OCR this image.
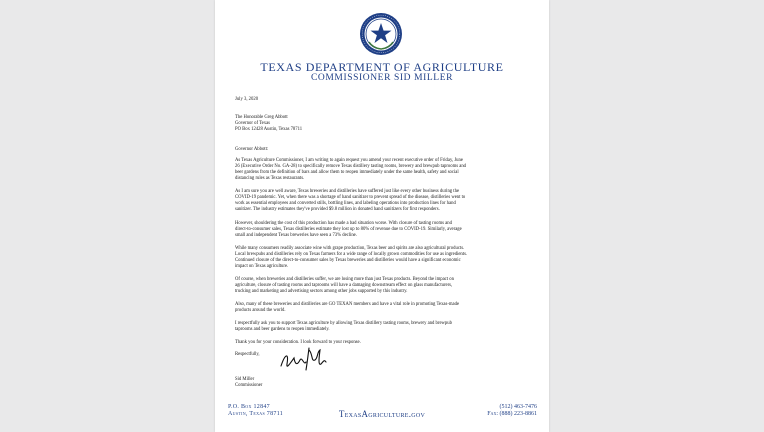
TEXAS DEPARTMENT OF AGRICULTURE
COMMISSIONER SID MILLER
July 3, 2020
The Honorable Greg Abbott
Governor of Texas
PO Box 12428 Austin, Texas 78711
Governor Abbott:
As Texas Agriculture Commissioner, I am writing to again request you amend your recent executive order of Friday, June
26 (Executive Order No. GA-28) to specifically remove Texas distillery tasting rooms, brewery and brewpub taprooms and
beer gardens from the definition of bars and allow them to reopen immediately under the same health, safety and social
distancing rules as Texas restaurants.
As I am sure you are well aware, Texas breweries and distilleries have suffered just like every other business during the
COVID-19 pandemic. Yet, when there was a shortage of hand sanitizer to prevent spread of the disease, distilleries went to
work as essential employees and converted stills, bottling lines, and labeling operations into production lines for hand
sanitizer. The industry estimates they've provided $9.8 million in donated hand sanitizers for first responders.
However, shouldering the cost of this production has made a bad situation worse. With closure of tasting rooms and
direct-to-consumer sales, Texas distilleries estimate they lost up to 80% of revenue due to COVID-19. Similarly, average
small and independent Texas breweries have seen a 73% decline.
While many consumers readily associate wine with grape production, Texas beer and spirits are also agricultural products.
Local brewpubs and distilleries rely on Texas farmers for a wide range of locally grown commodities for use as ingredients.
Continued closure of the direct-to-consumer sales by Texas breweries and distilleries would have a significant economic
impact on Texas agriculture.
Of course, when breweries and distilleries suffer, we are losing more than just Texas products. Beyond the impact on
agriculture, closure of tasting rooms and taprooms will have a damaging downstream effect on glass manufacturers,
trucking and marketing and advertising sectors among other jobs supported by this industry.
Also, many of these breweries and distilleries are GO TEXAN members and have a vital role in promoting Texas-made
products around the world.
I respectfully ask you to support Texas agriculture by allowing Texas distillery tasting rooms, brewery and brewpub
taprooms and beer gardens to reopen immediately.
Thank you for your consideration. I look forward to your response.
Respectfully,
Sid Miller
Commissioner
P.O. Box 12847
Austin, Texas 78711	TexasAgriculture.gov
(512) 463-7476
Fax: (888) 223-8861
